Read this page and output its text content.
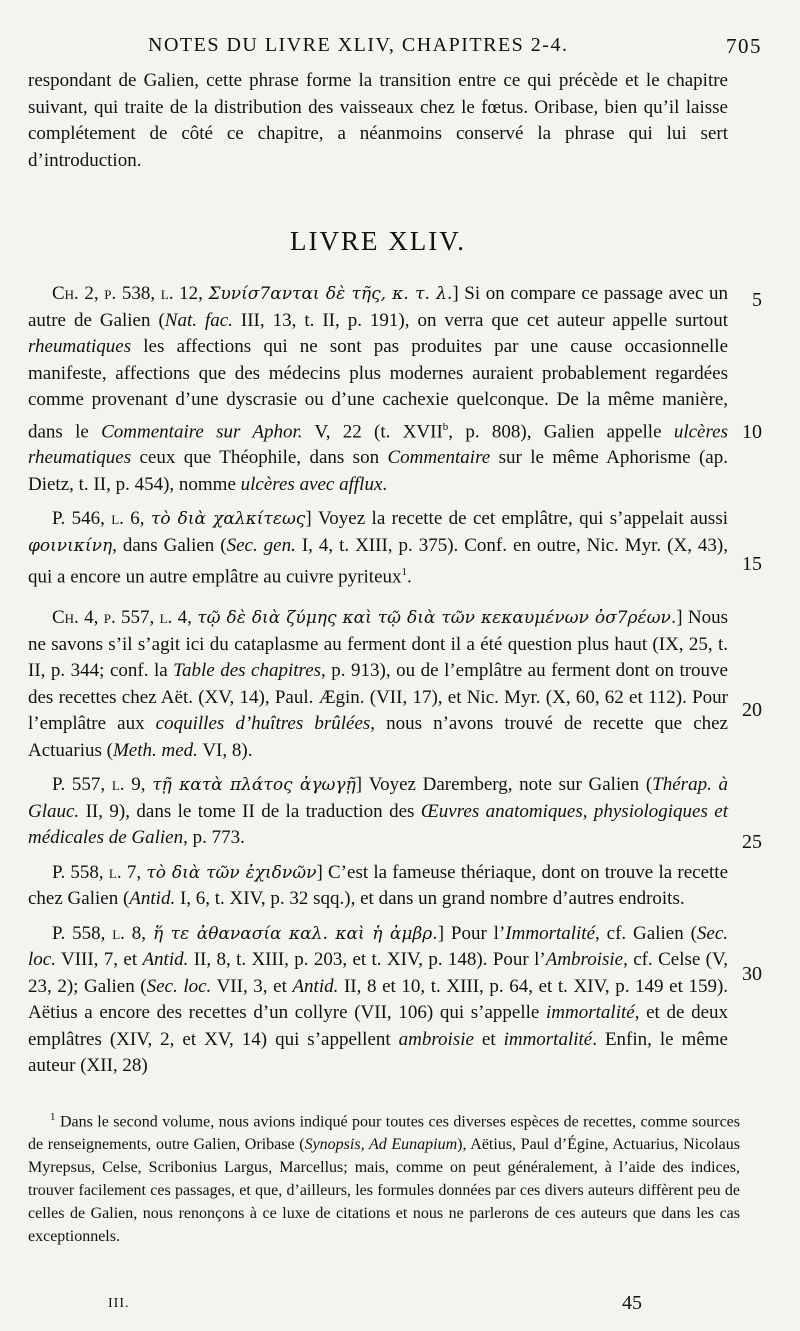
NOTES DU LIVRE XLIV, CHAPITRES 2-4.	705

respondant de Galien, cette phrase forme la transition entre ce qui précède et le chapitre suivant, qui traite de la distribution des vaisseaux chez le fœtus. Oribase, bien qu’il laisse complétement de côté ce chapitre, a néanmoins conservé la phrase qui lui sert d’introduction.

LIVRE XLIV.

Ch. 2, p. 538, l. 12, Συνίσ7ανται δὲ τῆς, κ. τ. λ.] Si on compare ce passage avec un autre de Galien (Nat. fac. III, 13, t. II, p. 191), on verra que cet auteur appelle surtout rheumatiques les affections qui ne sont pas produites par une cause occasionnelle manifeste, affections que des médecins plus modernes auraient probablement regardées comme provenant d’une dyscrasie ou d’une cachexie quelconque. De la même manière, dans le Commentaire sur Aphor. V, 22 (t. XVII$^b$, p. 808), Galien appelle ulcères rheumatiques ceux que Théophile, dans son Commentaire sur le même Aphorisme (ap. Dietz, t. II, p. 454), nomme ulcères avec afflux.

P. 546, l. 6, τὸ διὰ χαλκίτεως] Voyez la recette de cet emplâtre, qui s’appelait aussi φοινικίνη, dans Galien (Sec. gen. I, 4, t. XIII, p. 375). Conf. en outre, Nic. Myr. (X, 43), qui a encore un autre emplâtre au cuivre pyriteux$^1$.

Ch. 4, p. 557, l. 4, τῷ δὲ διὰ ζύμης καὶ τῷ διὰ τῶν κεκαυμένων ὀσ7ρέων.] Nous ne savons s’il s’agit ici du cataplasme au ferment dont il a été question plus haut (IX, 25, t. II, p. 344; conf. la Table des chapitres, p. 913), ou de l’emplâtre au ferment dont on trouve des recettes chez Aët. (XV, 14), Paul. Ægin. (VII, 17), et Nic. Myr. (X, 60, 62 et 112). Pour l’emplâtre aux coquilles d’huîtres brûlées, nous n’avons trouvé de recette que chez Actuarius (Meth. med. VI, 8).

P. 557, l. 9, τῇ κατὰ πλάτος ἀγωγῇ] Voyez Daremberg, note sur Galien (Thérap. à Glauc. II, 9), dans le tome II de la traduction des Œuvres anatomiques, physiologiques et médicales de Galien, p. 773.

P. 558, l. 7, τὸ διὰ τῶν ἐχιδνῶν] C’est la fameuse thériaque, dont on trouve la recette chez Galien (Antid. I, 6, t. XIV, p. 32 sqq.), et dans un grand nombre d’autres endroits.

P. 558, l. 8, ἥ τε ἀθανασία καλ. καὶ ἡ ἀμβρ.] Pour l’Immortalité, cf. Galien (Sec. loc. VIII, 7, et Antid. II, 8, t. XIII, p. 203, et t. XIV, p. 148). Pour l’Ambroisie, cf. Celse (V, 23, 2); Galien (Sec. loc. VII, 3, et Antid. II, 8 et 10, t. XIII, p. 64, et t. XIV, p. 149 et 159). Aëtius a encore des recettes d’un collyre (VII, 106) qui s’appelle immortalité, et de deux emplâtres (XIV, 2, et XV, 14) qui s’appellent ambroisie et immortalité. Enfin, le même auteur (XII, 28)

5
10
15
20
25
30
$^1$ Dans le second volume, nous avions indiqué pour toutes ces diverses espèces de recettes, comme sources de renseignements, outre Galien, Oribase (Synopsis, Ad Eunapium), Aëtius, Paul d’Égine, Actuarius, Nicolaus Myrepsus, Celse, Scribonius Largus, Marcellus; mais, comme on peut généralement, à l’aide des indices, trouver facilement ces passages, et que, d’ailleurs, les formules données par ces divers auteurs diffèrent peu de celles de Galien, nous renonçons à ce luxe de citations et nous ne parlerons de ces auteurs que dans les cas exceptionnels.
III.	45
